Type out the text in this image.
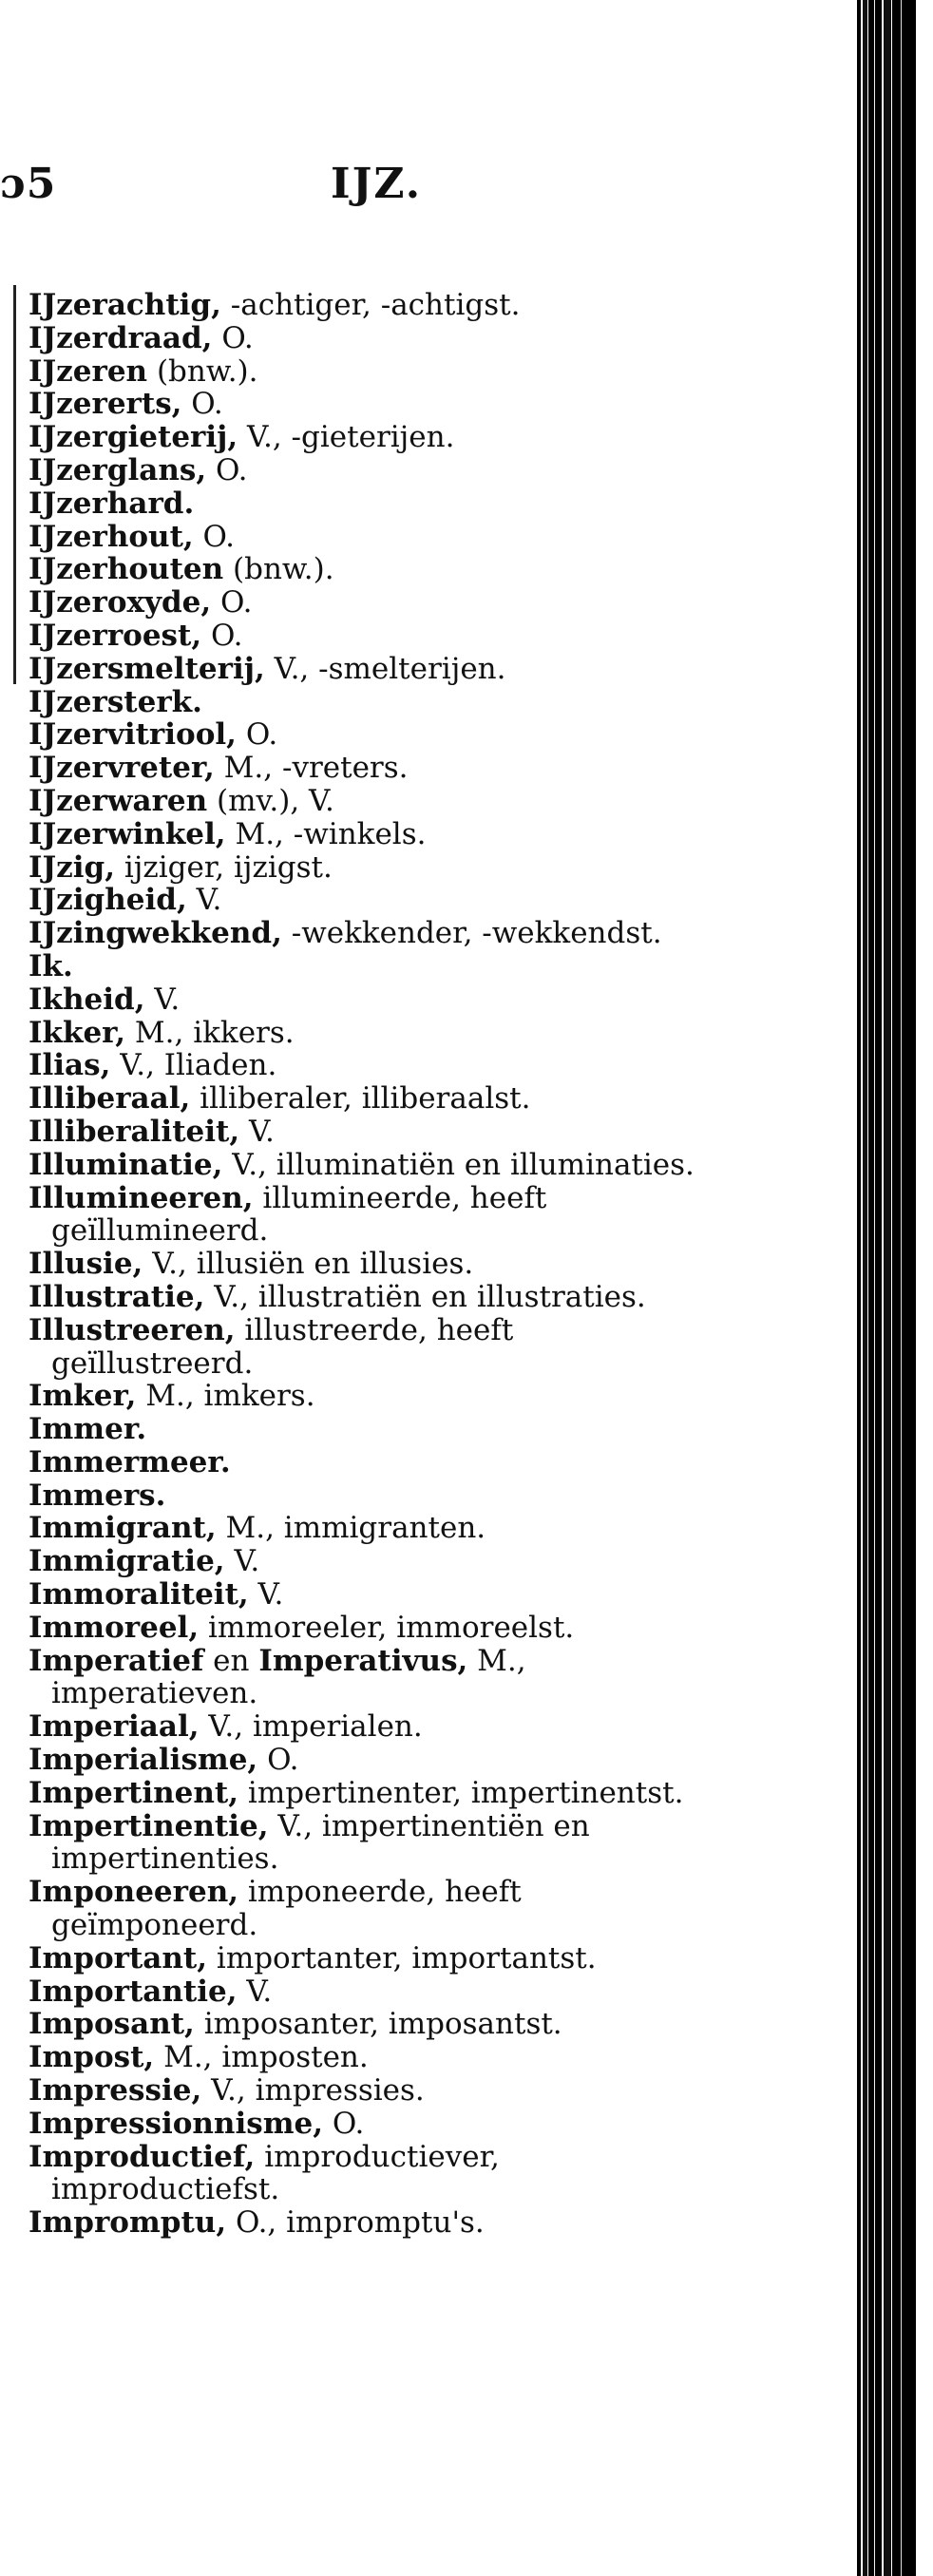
ɔ5	IJZ.

IJzerachtig, -achtiger, -achtigst.

IJzerdraad, O.

IJzeren (bnw.).

IJzererts, O.

IJzergieterij, V., -gieterijen.

IJzerglans, O.

IJzerhard.

IJzerhout, O.

IJzerhouten (bnw.).

IJzeroxyde, O.

IJzerroest, O.

IJzersmelterij, V., -smelterijen.

IJzersterk.

IJzervitriool, O.

IJzervreter, M., -vreters.

IJzerwaren (mv.), V.

IJzerwinkel, M., -winkels.

IJzig, ijziger, ijzigst.

IJzigheid, V.

IJzingwekkend, -wekkender, -wekkendst.

Ik.

Ikheid, V.

Ikker, M., ikkers.

Ilias, V., Iliaden.

Illiberaal, illiberaler, illiberaalst.

Illiberaliteit, V.

Illuminatie, V., illuminatiën en illuminaties.

Illumineeren, illumineerde, heeft geïllumineerd.

Illusie, V., illusiën en illusies.

Illustratie, V., illustratiën en illustraties.

Illustreeren, illustreerde, heeft geïllustreerd.

Imker, M., imkers.

Immer.

Immermeer.

Immers.

Immigrant, M., immigranten.

Immigratie, V.

Immoraliteit, V.

Immoreel, immoreeler, immoreelst.

Imperatief en Imperativus, M., imperatieven.

Imperiaal, V., imperialen.

Imperialisme, O.

Impertinent, impertinenter, impertinentst.

Impertinentie, V., impertinentiën en impertinenties.

Imponeeren, imponeerde, heeft geïmponeerd.

Important, importanter, importantst.

Importantie, V.

Imposant, imposanter, imposantst.

Impost, M., imposten.

Impressie, V., impressies.

Impressionnisme, O.

Improductief, improductiever, improductiefst.

Impromptu, O., impromptu's.
